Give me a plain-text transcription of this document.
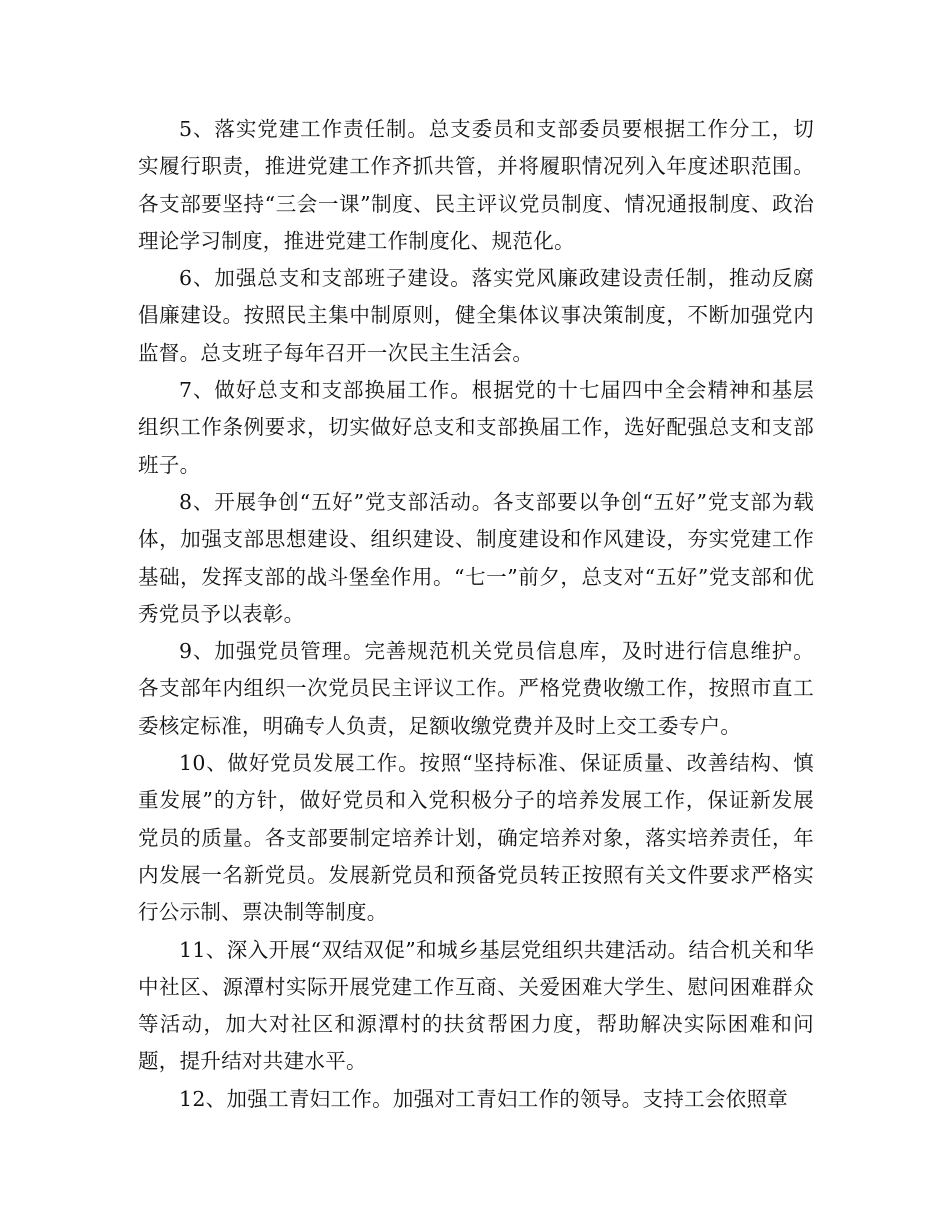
5、落实党建工作责任制。总支委员和支部委员要根据工作分工，切实履行职责，推进党建工作齐抓共管，并将履职情况列入年度述职范围。各支部要坚持“三会一课”制度、民主评议党员制度、情况通报制度、政治理论学习制度，推进党建工作制度化、规范化。

6、加强总支和支部班子建设。落实党风廉政建设责任制，推动反腐倡廉建设。按照民主集中制原则，健全集体议事决策制度，不断加强党内监督。总支班子每年召开一次民主生活会。

7、做好总支和支部换届工作。根据党的十七届四中全会精神和基层组织工作条例要求，切实做好总支和支部换届工作，选好配强总支和支部班子。

8、开展争创“五好”党支部活动。各支部要以争创“五好”党支部为载体，加强支部思想建设、组织建设、制度建设和作风建设，夯实党建工作基础，发挥支部的战斗堡垒作用。“七一”前夕，总支对“五好”党支部和优秀党员予以表彰。

9、加强党员管理。完善规范机关党员信息库，及时进行信息维护。各支部年内组织一次党员民主评议工作。严格党费收缴工作，按照市直工委核定标准，明确专人负责，足额收缴党费并及时上交工委专户。

10、做好党员发展工作。按照“坚持标准、保证质量、改善结构、慎重发展”的方针，做好党员和入党积极分子的培养发展工作，保证新发展党员的质量。各支部要制定培养计划，确定培养对象，落实培养责任，年内发展一名新党员。发展新党员和预备党员转正按照有关文件要求严格实行公示制、票决制等制度。

11、深入开展“双结双促”和城乡基层党组织共建活动。结合机关和华中社区、源潭村实际开展党建工作互商、关爱困难大学生、慰问困难群众等活动，加大对社区和源潭村的扶贫帮困力度，帮助解决实际困难和问题，提升结对共建水平。

12、加强工青妇工作。加强对工青妇工作的领导。支持工会依照章
